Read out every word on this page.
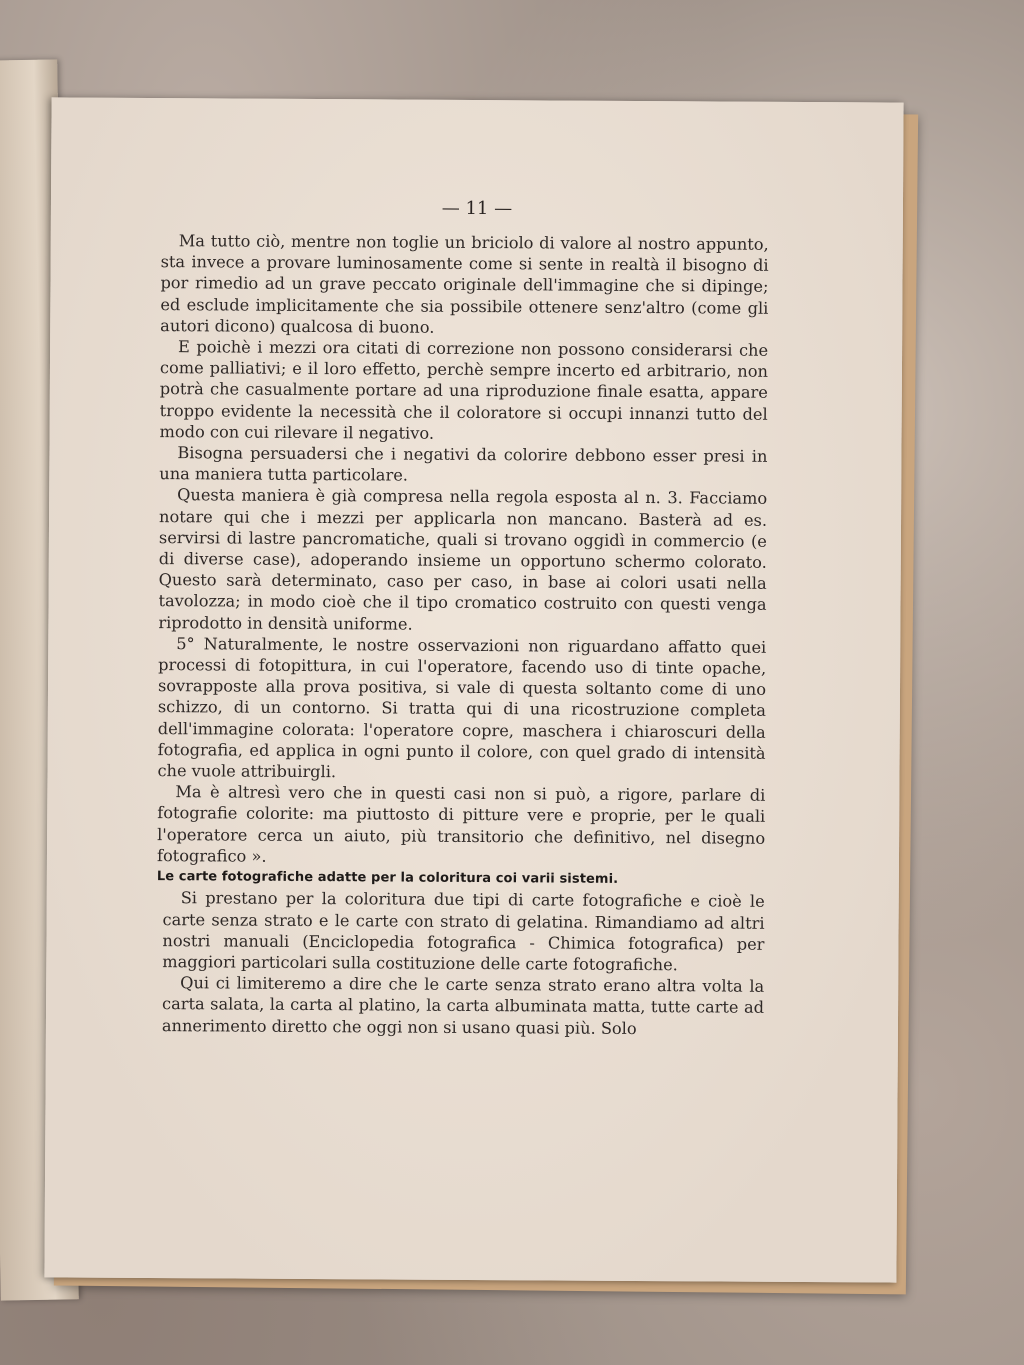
— 11 —

Ma tutto ciò, mentre non toglie un briciolo di valore al nostro appunto, sta invece a provare luminosamente come si sente in realtà il bisogno di por rimedio ad un grave peccato originale dell'immagine che si dipinge; ed esclude implicitamente che sia possibile ottenere senz'altro (come gli autori dicono) qualcosa di buono.

E poichè i mezzi ora citati di correzione non possono considerarsi che come palliativi; e il loro effetto, perchè sempre incerto ed arbitrario, non potrà che casualmente portare ad una riproduzione finale esatta, appare troppo evidente la necessità che il coloratore si occupi innanzi tutto del modo con cui rilevare il negativo.

Bisogna persuadersi che i negativi da colorire debbono esser presi in una maniera tutta particolare.

Questa maniera è già compresa nella regola esposta al n. 3. Facciamo notare qui che i mezzi per applicarla non mancano. Basterà ad es. servirsi di lastre pancromatiche, quali si trovano oggidì in commercio (e di diverse case), adoperando insieme un opportuno schermo colorato. Questo sarà determinato, caso per caso, in base ai colori usati nella tavolozza; in modo cioè che il tipo cromatico costruito con questi venga riprodotto in densità uniforme.

5° Naturalmente, le nostre osservazioni non riguardano affatto quei processi di fotopittura, in cui l'operatore, facendo uso di tinte opache, sovrapposte alla prova positiva, si vale di questa soltanto come di uno schizzo, di un contorno. Si tratta qui di una ricostruzione completa dell'immagine colorata: l'operatore copre, maschera i chiaroscuri della fotografia, ed applica in ogni punto il colore, con quel grado di intensità che vuole attribuirgli.

Ma è altresì vero che in questi casi non si può, a rigore, parlare di fotografie colorite: ma piuttosto di pitture vere e proprie, per le quali l'operatore cerca un aiuto, più transitorio che definitivo, nel disegno fotografico ».

Le carte fotografiche adatte per la coloritura coi varii sistemi.

Si prestano per la coloritura due tipi di carte fotografiche e cioè le carte senza strato e le carte con strato di gelatina. Rimandiamo ad altri nostri manuali (Enciclopedia fotografica - Chimica fotografica) per maggiori particolari sulla costituzione delle carte fotografiche.

Qui ci limiteremo a dire che le carte senza strato erano altra volta la carta salata, la carta al platino, la carta albuminata matta, tutte carte ad annerimento diretto che oggi non si usano quasi più. Solo
